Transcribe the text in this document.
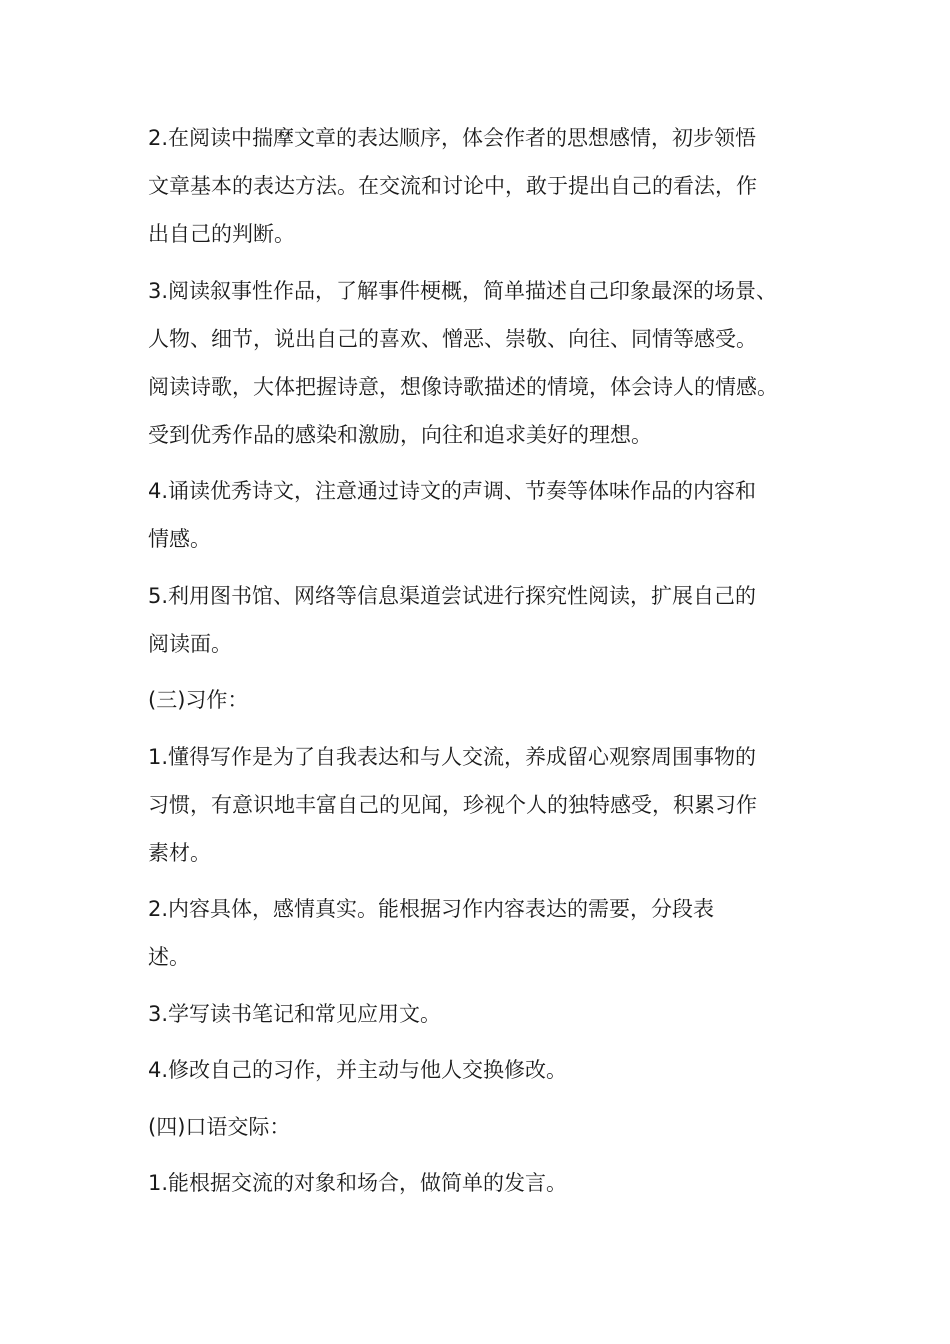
2.在阅读中揣摩文章的表达顺序，体会作者的思想感情，初步领悟
文章基本的表达方法。在交流和讨论中，敢于提出自己的看法，作
出自己的判断。

3.阅读叙事性作品，了解事件梗概，简单描述自己印象最深的场景、
人物、细节，说出自己的喜欢、憎恶、崇敬、向往、同情等感受。
阅读诗歌，大体把握诗意，想像诗歌描述的情境，体会诗人的情感。
受到优秀作品的感染和激励，向往和追求美好的理想。

4.诵读优秀诗文，注意通过诗文的声调、节奏等体味作品的内容和
情感。

5.利用图书馆、网络等信息渠道尝试进行探究性阅读，扩展自己的
阅读面。

(三)习作：

1.懂得写作是为了自我表达和与人交流，养成留心观察周围事物的
习惯，有意识地丰富自己的见闻，珍视个人的独特感受，积累习作
素材。

2.内容具体，感情真实。能根据习作内容表达的需要，分段表
述。

3.学写读书笔记和常见应用文。

4.修改自己的习作，并主动与他人交换修改。

(四)口语交际：

1.能根据交流的对象和场合，做简单的发言。
